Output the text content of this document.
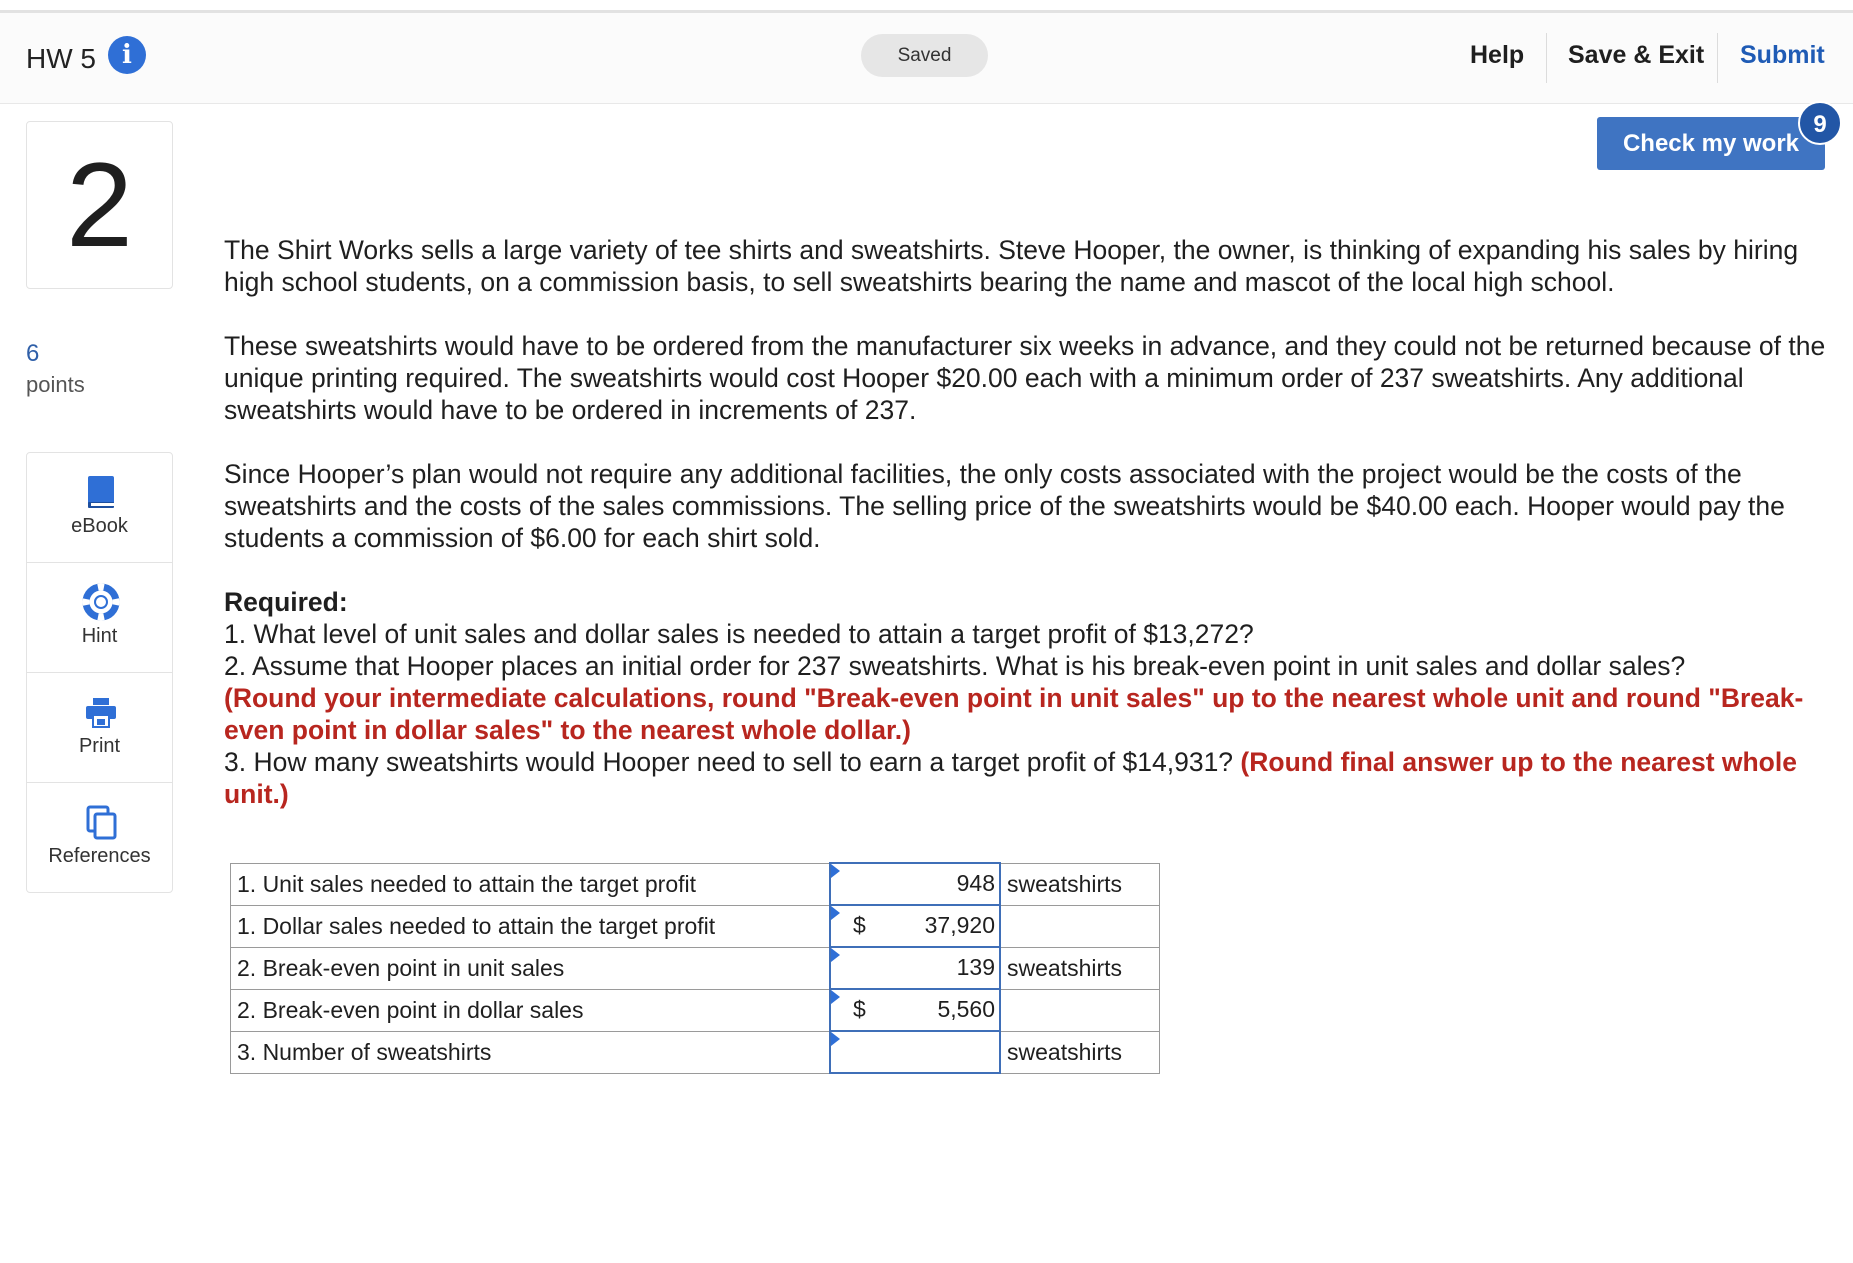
HW 5	i	Saved	Help Save & Exit Submit
Check my work
9
2
6
points
eBook
Hint
Print
References

The Shirt Works sells a large variety of tee shirts and sweatshirts. Steve Hooper, the owner, is thinking of expanding his sales by hiring high school students, on a commission basis, to sell sweatshirts bearing the name and mascot of the local high school.

These sweatshirts would have to be ordered from the manufacturer six weeks in advance, and they could not be returned because of the unique printing required. The sweatshirts would cost Hooper $20.00 each with a minimum order of 237 sweatshirts. Any additional sweatshirts would have to be ordered in increments of 237.

Since Hooper’s plan would not require any additional facilities, the only costs associated with the project would be the costs of the sweatshirts and the costs of the sales commissions. The selling price of the sweatshirts would be $40.00 each. Hooper would pay the students a commission of $6.00 for each shirt sold.

Required:
1. What level of unit sales and dollar sales is needed to attain a target profit of $13,272?
2. Assume that Hooper places an initial order for 237 sweatshirts. What is his break-even point in unit sales and dollar sales?
(Round your intermediate calculations, round "Break-even point in unit sales" up to the nearest whole unit and round "Break-even point in dollar sales" to the nearest whole dollar.)
3. How many sweatshirts would Hooper need to sell to earn a target profit of $14,931? (Round final answer up to the nearest whole unit.)
1. Unit sales needed to attain the target profit	948	sweatshirts
1. Dollar sales needed to attain the target profit	$ 37,920	

2. Break-even point in unit sales	139	sweatshirts
2. Break-even point in dollar sales	$ 5,560	

3. Number of sweatshirts		sweatshirts
